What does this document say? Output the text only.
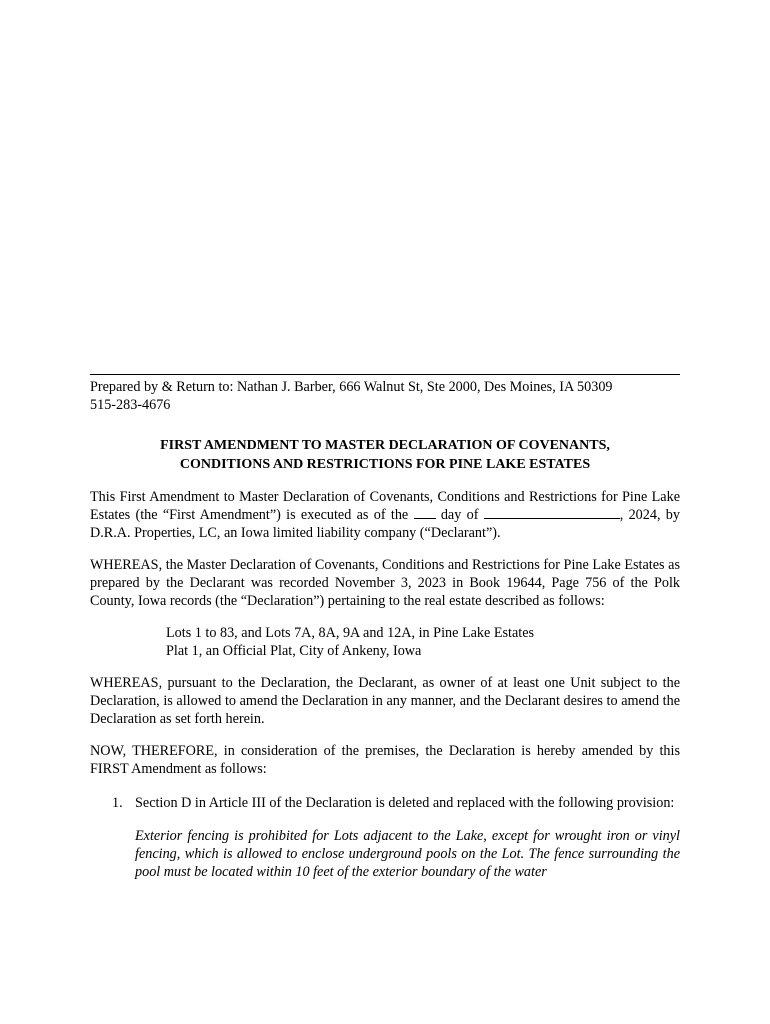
Prepared by & Return to: Nathan J. Barber, 666 Walnut St, Ste 2000, Des Moines, IA 50309
515-283-4676

FIRST AMENDMENT TO MASTER DECLARATION OF COVENANTS,
CONDITIONS AND RESTRICTIONS FOR PINE LAKE ESTATES

This First Amendment to Master Declaration of Covenants, Conditions and Restrictions for Pine Lake Estates (the “First Amendment”) is executed as of the  day of	, 2024, by D.R.A. Properties, LC, an Iowa limited liability company (“Declarant”).

WHEREAS, the Master Declaration of Covenants, Conditions and Restrictions for Pine Lake Estates as prepared by the Declarant was recorded November 3, 2023 in Book 19644, Page 756 of the Polk County, Iowa records (the “Declaration”) pertaining to the real estate described as follows:

Lots 1 to 83, and Lots 7A, 8A, 9A and 12A, in Pine Lake Estates
Plat 1, an Official Plat, City of Ankeny, Iowa

WHEREAS, pursuant to the Declaration, the Declarant, as owner of at least one Unit subject to the Declaration, is allowed to amend the Declaration in any manner, and the Declarant desires to amend the Declaration as set forth herein.

NOW, THEREFORE, in consideration of the premises, the Declaration is hereby amended by this FIRST Amendment as follows:

1. Section D in Article III of the Declaration is deleted and replaced with the following provision:

Exterior fencing is prohibited for Lots adjacent to the Lake, except for wrought iron or vinyl fencing, which is allowed to enclose underground pools on the Lot. The fence surrounding the pool must be located within 10 feet of the exterior boundary of the water
